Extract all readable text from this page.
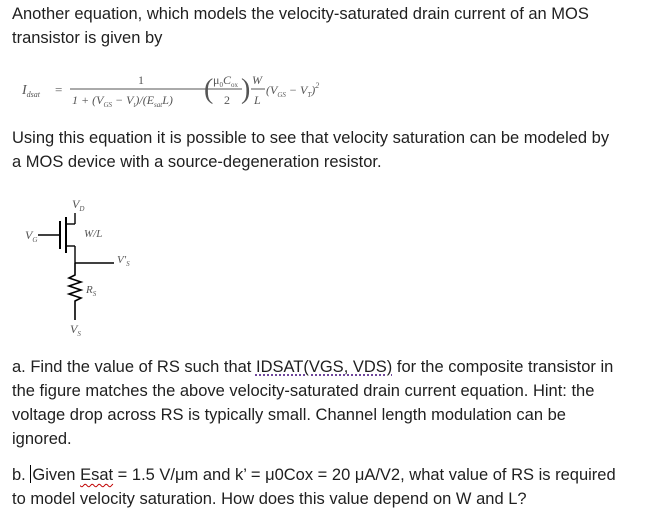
Another equation, which models the velocity-saturated drain current of an MOS
transistor is given by

$I_{dsat}$ =
1
$1 + (V_{GS} - V_t)/(E_{sat}L)$ ( $\mu_0C_{ox}$
2 ) W
L
$(V_{GS} - V_T)^2$

Using this equation it is possible to see that velocity saturation can be modeled by
a MOS device with a source-degeneration resistor.

$V_D$
$V_G$	W/L
$V'_S$
$R_S$
$V_S$

a. Find the value of RS such that IDSAT(VGS, VDS) for the composite transistor in
the figure matches the above velocity-saturated drain current equation. Hint: the
voltage drop across RS is typically small. Channel length modulation can be
ignored.

b. Given Esat = 1.5 V/μm and k’ = μ0Cox = 20 μA/V2, what value of RS is required
to model velocity saturation. How does this value depend on W and L?
